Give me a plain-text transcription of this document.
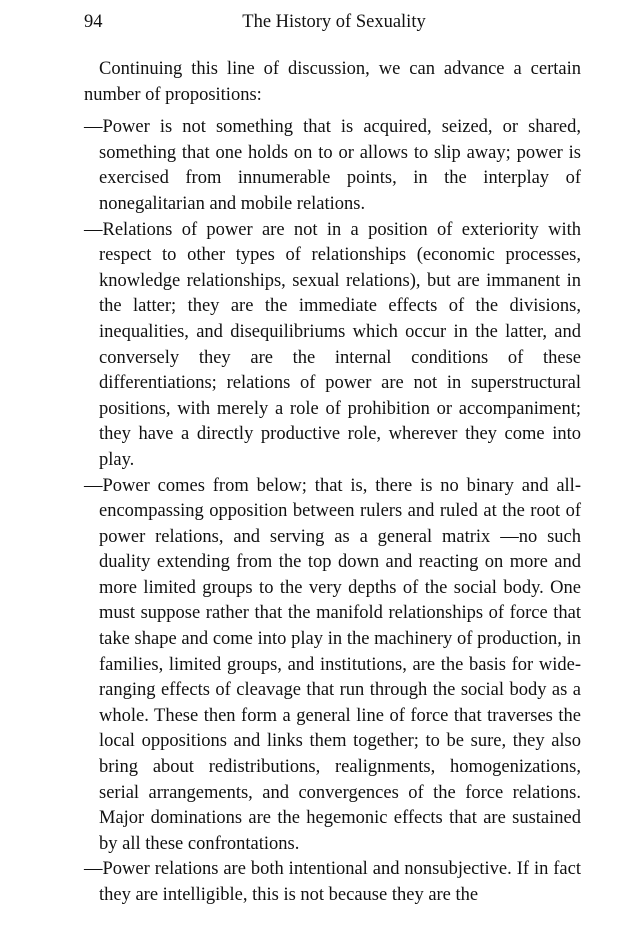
94	The History of Sexuality

Continuing this line of discussion, we can advance a certain number of propositions:

—Power is not something that is acquired, seized, or shared, something that one holds on to or allows to slip away; power is exercised from innumerable points, in the interplay of nonegalitarian and mobile relations.

—Relations of power are not in a position of exteriority with respect to other types of relationships (economic processes, knowledge relationships, sexual relations), but are immanent in the latter; they are the immediate effects of the divisions, inequalities, and disequilibriums which occur in the latter, and conversely they are the internal conditions of these differentiations; relations of power are not in superstructural positions, with merely a role of prohibition or accompaniment; they have a directly productive role, wherever they come into play.

—Power comes from below; that is, there is no binary and all-encompassing opposition between rulers and ruled at the root of power relations, and serving as a general matrix —no such duality extending from the top down and reacting on more and more limited groups to the very depths of the social body. One must suppose rather that the manifold relationships of force that take shape and come into play in the machinery of production, in families, limited groups, and institutions, are the basis for wide-ranging effects of cleavage that run through the social body as a whole. These then form a general line of force that traverses the local oppositions and links them together; to be sure, they also bring about redistributions, realignments, homogenizations, serial arrangements, and convergences of the force relations. Major dominations are the hegemonic effects that are sustained by all these confrontations.

—Power relations are both intentional and nonsubjective. If in fact they are intelligible, this is not because they are the
